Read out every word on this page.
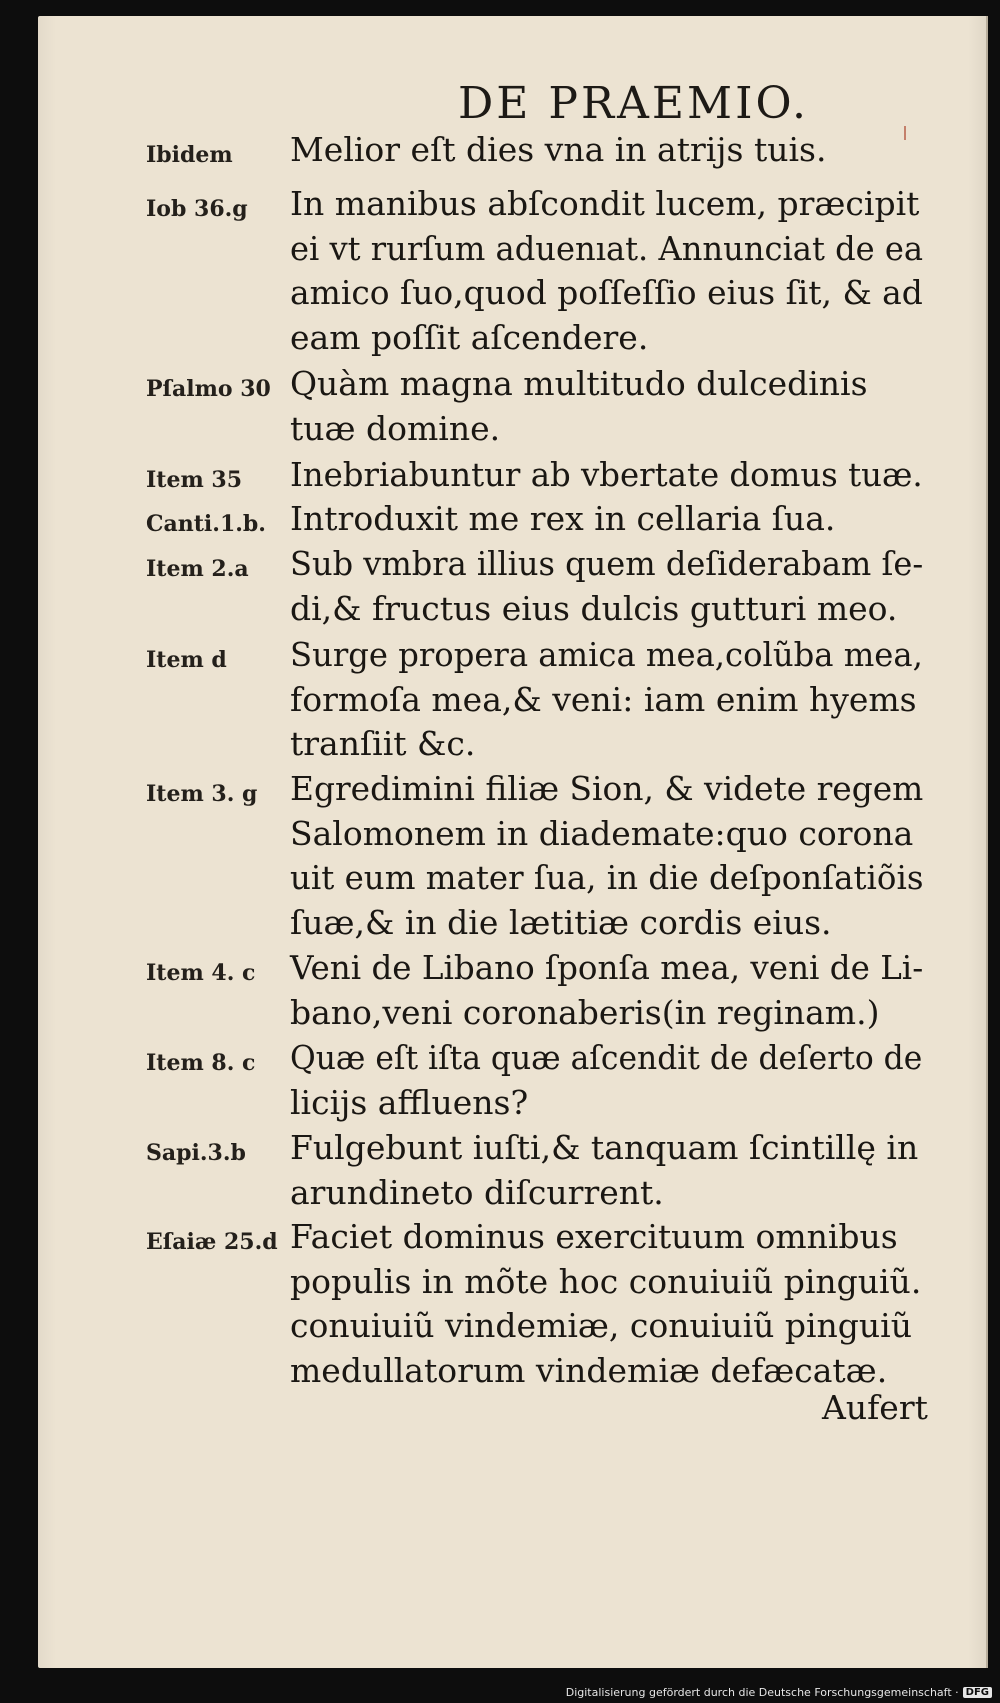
DE PRAEMIO.
Ibidem Melior eſt dies vna in atrijs tuis.
Iob 36.g In manibus abſcondit lucem, præcipit
ei vt rurſum aduenıat. Annunciat de ea
amico ſuo,quod poſſeſſio eius ſit, & ad
eam poſſit aſcendere.
Pſalmo 30 Quàm magna multitudo dulcedinis
tuæ domine.
Item 35 Inebriabuntur ab vbertate domus tuæ.
Canti.1.b. Introduxit me rex in cellaria ſua.
Item 2.a Sub vmbra illius quem deſiderabam ſe-
di,& fructus eius dulcis gutturi meo.
Item d Surge propera amica mea,colũba mea,
formoſa mea,& veni: iam enim hyems
tranſiit &c.
Item 3. g Egredimini filiæ Sion, & videte regem
Salomonem in diademate:quo corona
uit eum mater ſua, in die deſponſatiõis
ſuæ,& in die lætitiæ cordis eius.
Item 4. c Veni de Libano ſponſa mea, veni de Li-
bano,veni coronaberis(in reginam.)
Item 8. c Quæ eſt iſta quæ aſcendit de deſerto de
licijs affluens?
Sapi.3.b Fulgebunt iuſti,& tanquam ſcintillę in
arundineto diſcurrent.
Eſaiæ 25.d Faciet dominus exercituum omnibus
populis in mõte hoc conuiuiũ pinguiũ.
conuiuiũ vindemiæ, conuiuiũ pinguiũ
medullatorum vindemiæ defæcatæ.
Aufert
Digitalisierung gefördert durch die Deutsche Forschungsgemeinschaft · DFG
